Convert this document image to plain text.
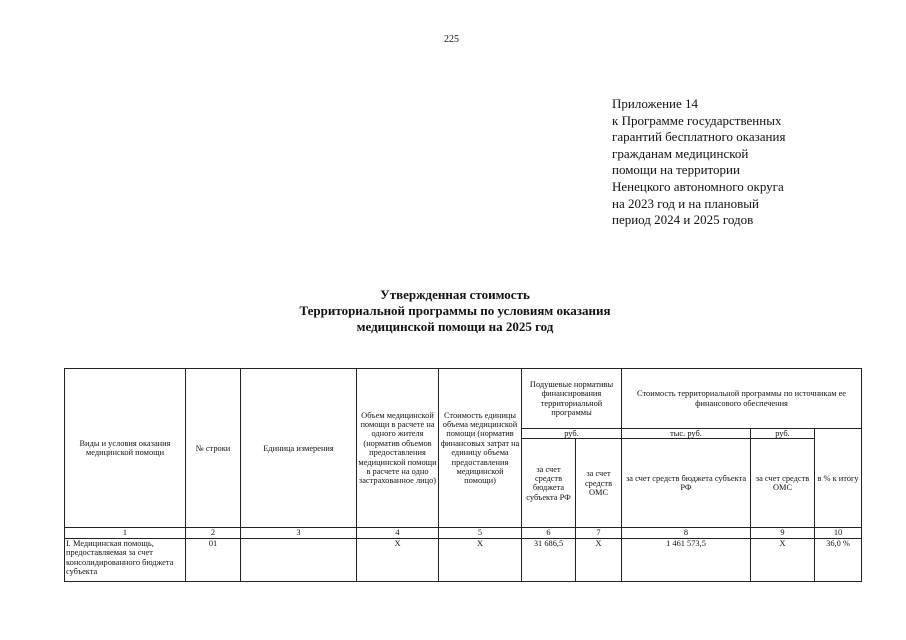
225
Приложение 14
к Программе государственных
гарантий бесплатного оказания
гражданам медицинской
помощи на территории
Ненецкого автономного округа
на 2023 год и на плановый
период 2024 и 2025 годов
Утвержденная стоимость
Территориальной программы по условиям оказания
медицинской помощи на 2025 год
Виды и условия оказания медицинской помощи	№ строки	Единица измерения	Объем медицинской помощи в расчете на одного жителя (норматив объемов предоставления медицинской помощи в расчете на одно застрахованное лицо)	Стоимость единицы объема медицинской помощи (норматив финансовых затрат на единицу объема предоставления медицинской помощи)	Подушевые нормативы финансирования территориальной программы		Стоимость территориальной программы по источникам ее финансового обеспечения		
					руб.		тыс. руб.	руб.	в % к итогу
					за счет средств бюджета субъекта РФ	за счет средств ОМС	за счет средств бюджета субъекта РФ	за счет средств ОМС	
1	2	3	4	5	6	7	8	9	10
I. Медицинская помощь, предоставляемая за счет консолидированного бюджета субъекта	01		X	X	31 686,5	X	1 461 573,5	X	36,0 %
